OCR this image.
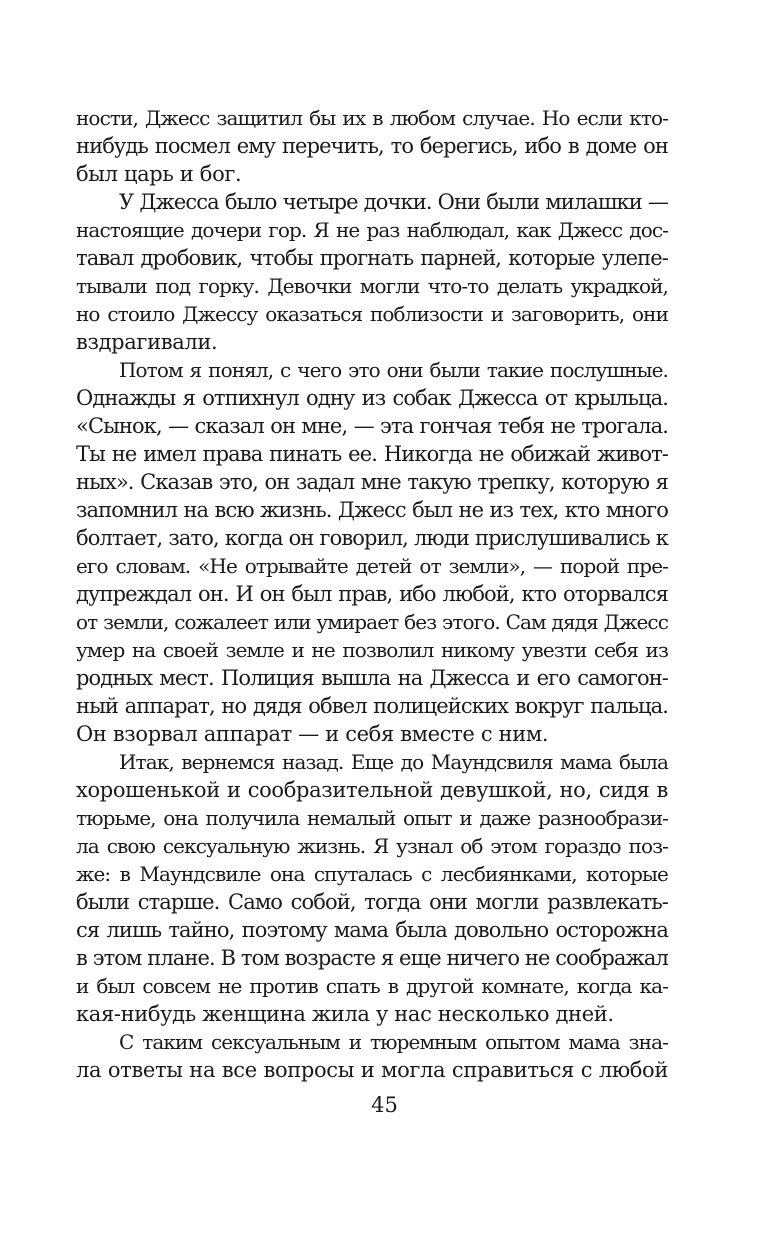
ности, Джесс защитил бы их в любом случае. Но если кто-
нибудь посмел ему перечить, то берегись, ибо в доме он
был царь и бог.
У Джесса было четыре дочки. Они были милашки —
настоящие дочери гор. Я не раз наблюдал, как Джесс дос-
тавал дробовик, чтобы прогнать парней, которые улепе-
тывали под горку. Девочки могли что-то делать украдкой,
но стоило Джессу оказаться поблизости и заговорить, они
вздрагивали.
Потом я понял, с чего это они были такие послушные.
Однажды я отпихнул одну из собак Джесса от крыльца.
«Сынок, — сказал он мне, — эта гончая тебя не трогала.
Ты не имел права пинать ее. Никогда не обижай живот-
ных». Сказав это, он задал мне такую трепку, которую я
запомнил на всю жизнь. Джесс был не из тех, кто много
болтает, зато, когда он говорил, люди прислушивались к
его словам. «Не отрывайте детей от земли», — порой пре-
дупреждал он. И он был прав, ибо любой, кто оторвался
от земли, сожалеет или умирает без этого. Сам дядя Джесс
умер на своей земле и не позволил никому увезти себя из
родных мест. Полиция вышла на Джесса и его самогон-
ный аппарат, но дядя обвел полицейских вокруг пальца.
Он взорвал аппарат — и себя вместе с ним.
Итак, вернемся назад. Еще до Маундсвиля мама была
хорошенькой и сообразительной девушкой, но, сидя в
тюрьме, она получила немалый опыт и даже разнообрази-
ла свою сексуальную жизнь. Я узнал об этом гораздо поз-
же: в Маундсвиле она спуталась с лесбиянками, которые
были старше. Само собой, тогда они могли развлекать-
ся лишь тайно, поэтому мама была довольно осторожна
в этом плане. В том возрасте я еще ничего не соображал
и был совсем не против спать в другой комнате, когда ка-
кая-нибудь женщина жила у нас несколько дней.
С таким сексуальным и тюремным опытом мама зна-
ла ответы на все вопросы и могла справиться с любой
45
